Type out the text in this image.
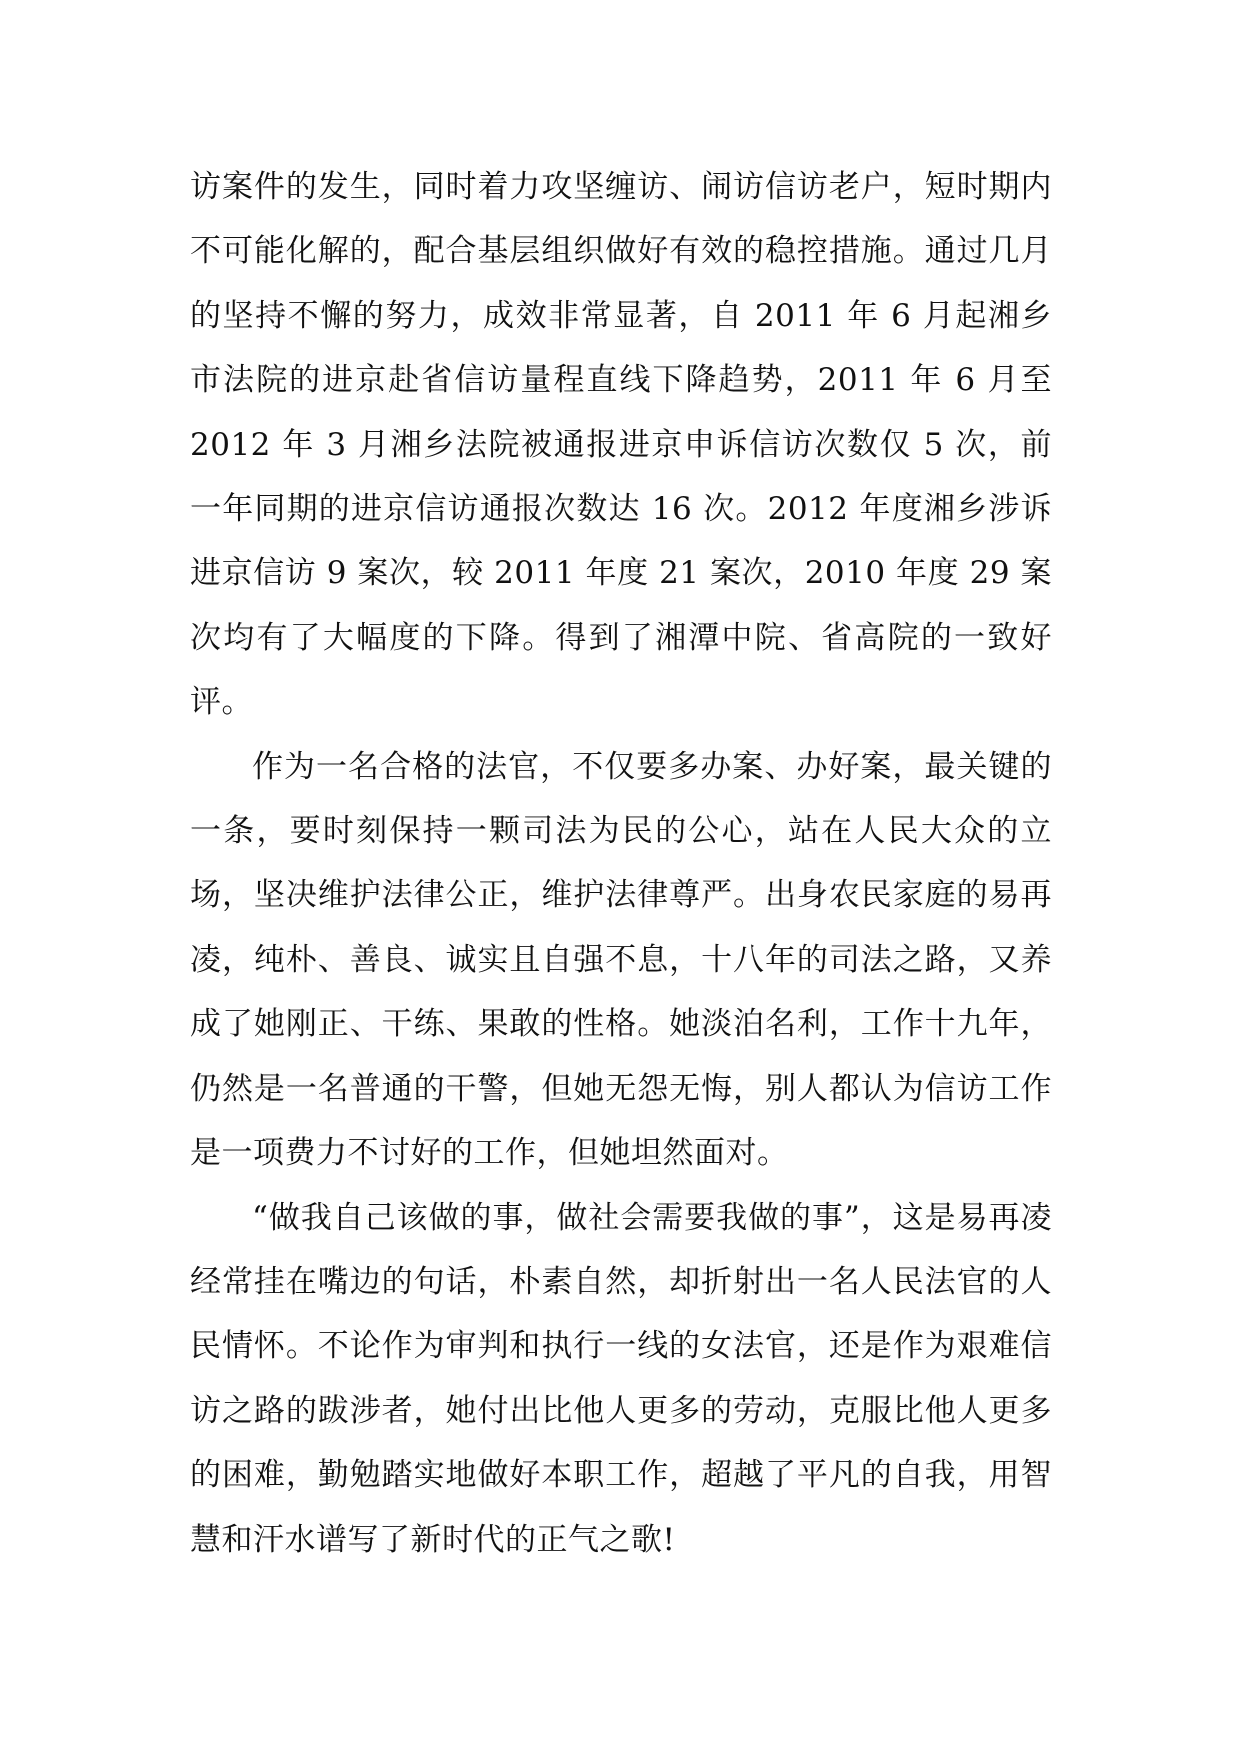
访案件的发生，同时着力攻坚缠访、闹访信访老户，短时期内不可能化解的，配合基层组织做好有效的稳控措施。通过几月的坚持不懈的努力，成效非常显著，自 2011 年 6 月起湘乡市法院的进京赴省信访量程直线下降趋势，2011 年 6 月至 2012 年 3 月湘乡法院被通报进京申诉信访次数仅 5 次，前一年同期的进京信访通报次数达 16 次。2012 年度湘乡涉诉进京信访 9 案次，较 2011 年度 21 案次，2010 年度 29 案次均有了大幅度的下降。得到了湘潭中院、省高院的一致好评。

作为一名合格的法官，不仅要多办案、办好案，最关键的一条，要时刻保持一颗司法为民的公心，站在人民大众的立场，坚决维护法律公正，维护法律尊严。出身农民家庭的易再凌，纯朴、善良、诚实且自强不息，十八年的司法之路，又养成了她刚正、干练、果敢的性格。她淡泊名利，工作十九年，仍然是一名普通的干警，但她无怨无悔，别人都认为信访工作是一项费力不讨好的工作，但她坦然面对。

“做我自己该做的事，做社会需要我做的事”，这是易再凌经常挂在嘴边的句话，朴素自然，却折射出一名人民法官的人民情怀。不论作为审判和执行一线的女法官，还是作为艰难信访之路的跋涉者，她付出比他人更多的劳动，克服比他人更多的困难，勤勉踏实地做好本职工作，超越了平凡的自我，用智慧和汗水谱写了新时代的正气之歌!
